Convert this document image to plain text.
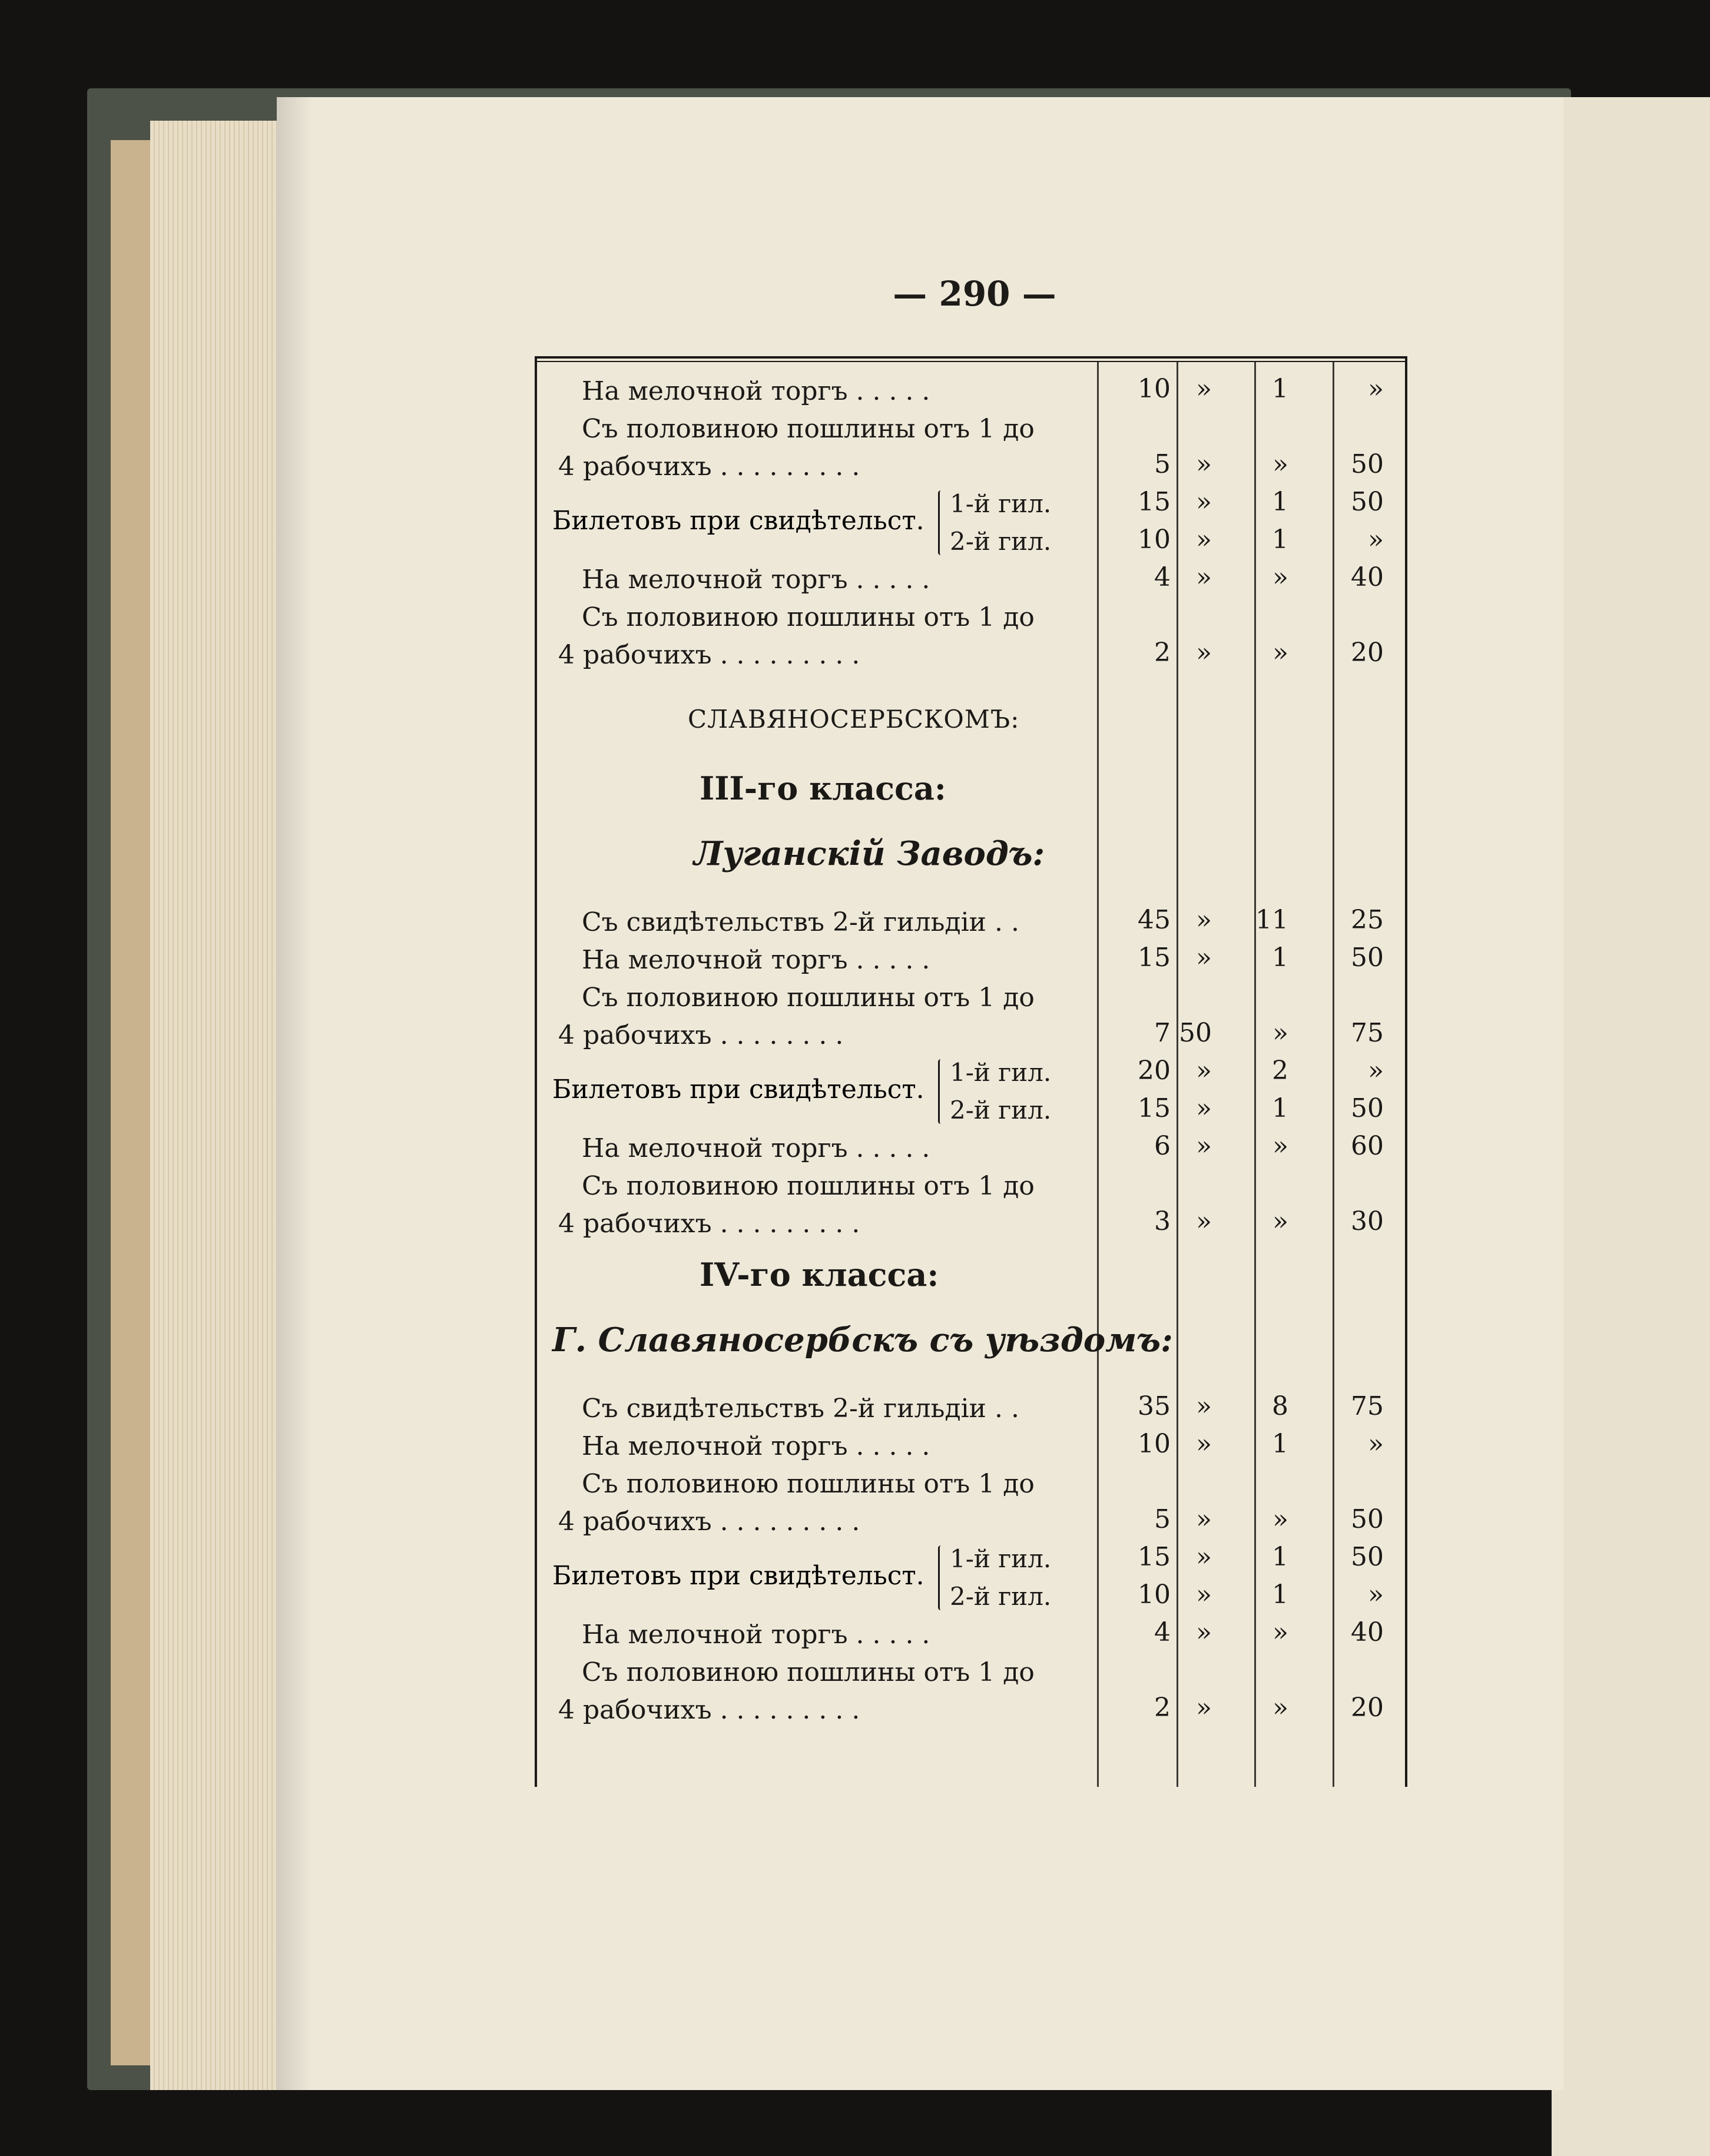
— 290 —
На мелочной торгъ . . . . .	10 »	1	»
Съ половиною пошлины отъ 1 до
4 рабочихъ . . . . . . . . .	5 »	»	50
Билетовъ при свидѣтельст.
1-й гил.	15 »	1	50
2-й гил.	10 »	1	»
На мелочной торгъ . . . . .	4 »	»	40
Съ половиною пошлины отъ 1 до
4 рабочихъ . . . . . . . . .	2 »	»	20
СЛАВЯНОСЕРБСКОМЪ:
III-го класса:
Луганскій Заводъ:
Съ свидѣтельствъ 2-й гильдіи . .	45 »	11	25
На мелочной торгъ . . . . .	15 »	1	50
Съ половиною пошлины отъ 1 до
4 рабочихъ . . . . . . . .	7 50	»	75
Билетовъ при свидѣтельст.
1-й гил.	20 »	2	»
2-й гил.	15 »	1	50
На мелочной торгъ . . . . .	6 »	»	60
Съ половиною пошлины отъ 1 до
4 рабочихъ . . . . . . . . .	3 »	»	30
IV-го класса:
Г. Славяносербскъ съ уѣздомъ:
Съ свидѣтельствъ 2-й гильдіи . .	35 »	8	75
На мелочной торгъ . . . . .	10 »	1	»
Съ половиною пошлины отъ 1 до
4 рабочихъ . . . . . . . . .	5 »	»	50
Билетовъ при свидѣтельст.
1-й гил.	15 »	1	50
2-й гил.	10 »	1	»
На мелочной торгъ . . . . .	4 »	»	40
Съ половиною пошлины отъ 1 до
4 рабочихъ . . . . . . . . .	2 »	»	20
